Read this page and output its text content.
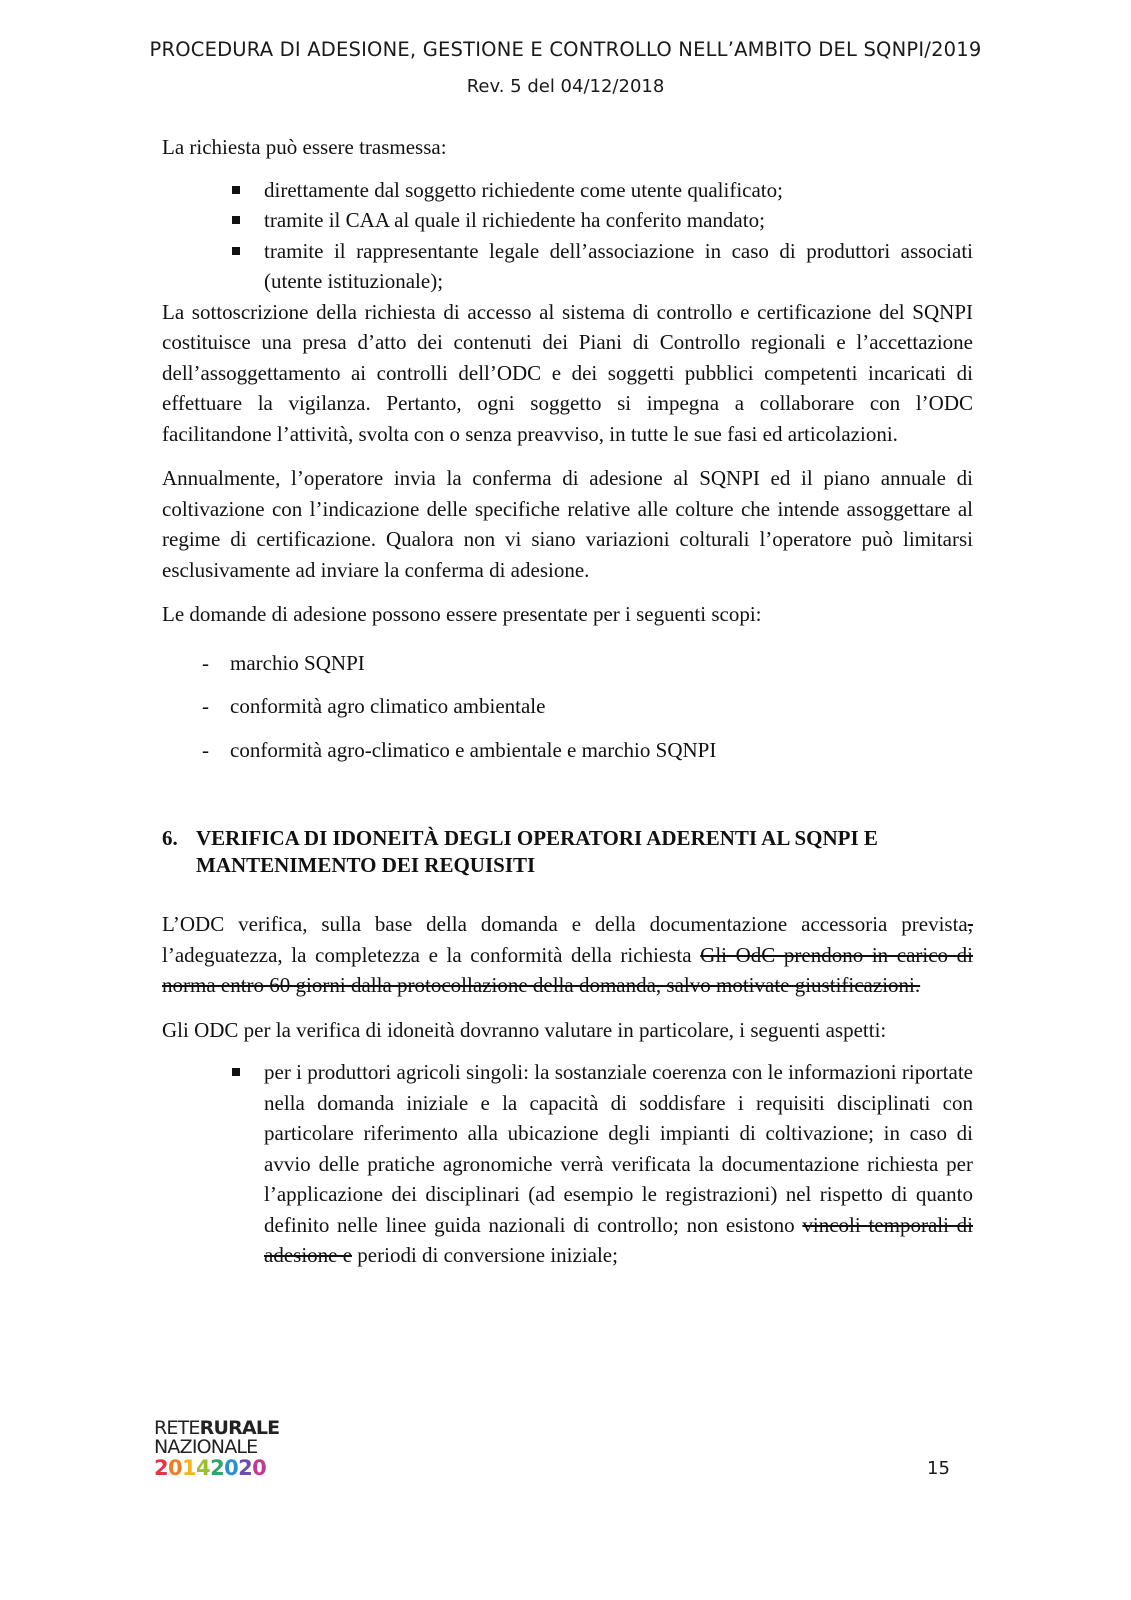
PROCEDURA DI ADESIONE, GESTIONE E CONTROLLO NELL’AMBITO DEL SQNPI/2019
Rev. 5 del 04/12/2018

La richiesta può essere trasmessa:

direttamente dal soggetto richiedente come utente qualificato;
tramite il CAA al quale il richiedente ha conferito mandato;
tramite il rappresentante legale dell’associazione in caso di produttori associati (utente istituzionale);

La sottoscrizione della richiesta di accesso al sistema di controllo e certificazione del SQNPI costituisce una presa d’atto dei contenuti dei Piani di Controllo regionali e l’accettazione dell’assoggettamento ai controlli dell’ODC e dei soggetti pubblici competenti incaricati di effettuare la vigilanza. Pertanto, ogni soggetto si impegna a collaborare con l’ODC facilitandone l’attività, svolta con o senza preavviso, in tutte le sue fasi ed articolazioni.

Annualmente, l’operatore invia la conferma di adesione al SQNPI ed il piano annuale di coltivazione con l’indicazione delle specifiche relative alle colture che intende assoggettare al regime di certificazione. Qualora non vi siano variazioni colturali l’operatore può limitarsi esclusivamente ad inviare la conferma di adesione.

Le domande di adesione possono essere presentate per i seguenti scopi:

- marchio SQNPI
- conformità agro climatico ambientale
- conformità agro-climatico e ambientale e marchio SQNPI
6. VERIFICA DI IDONEITÀ DEGLI OPERATORI ADERENTI AL SQNPI E MANTENIMENTO DEI REQUISITI

L’ODC verifica, sulla base della domanda e della documentazione accessoria prevista, l’adeguatezza, la completezza e la conformità della richiesta Gli OdC prendono in carico di norma entro 60 giorni dalla protocollazione della domanda, salvo motivate giustificazioni.

Gli ODC per la verifica di idoneità dovranno valutare in particolare, i seguenti aspetti:

per i produttori agricoli singoli: la sostanziale coerenza con le informazioni riportate nella domanda iniziale e la capacità di soddisfare i requisiti disciplinati con particolare riferimento alla ubicazione degli impianti di coltivazione; in caso di avvio delle pratiche agronomiche verrà verificata la documentazione richiesta per l’applicazione dei disciplinari (ad esempio le registrazioni) nel rispetto di quanto definito nelle linee guida nazionali di controllo; non esistono vincoli temporali di adesione e periodi di conversione iniziale;
RETERURALE
NAZIONALE
20142020	15
